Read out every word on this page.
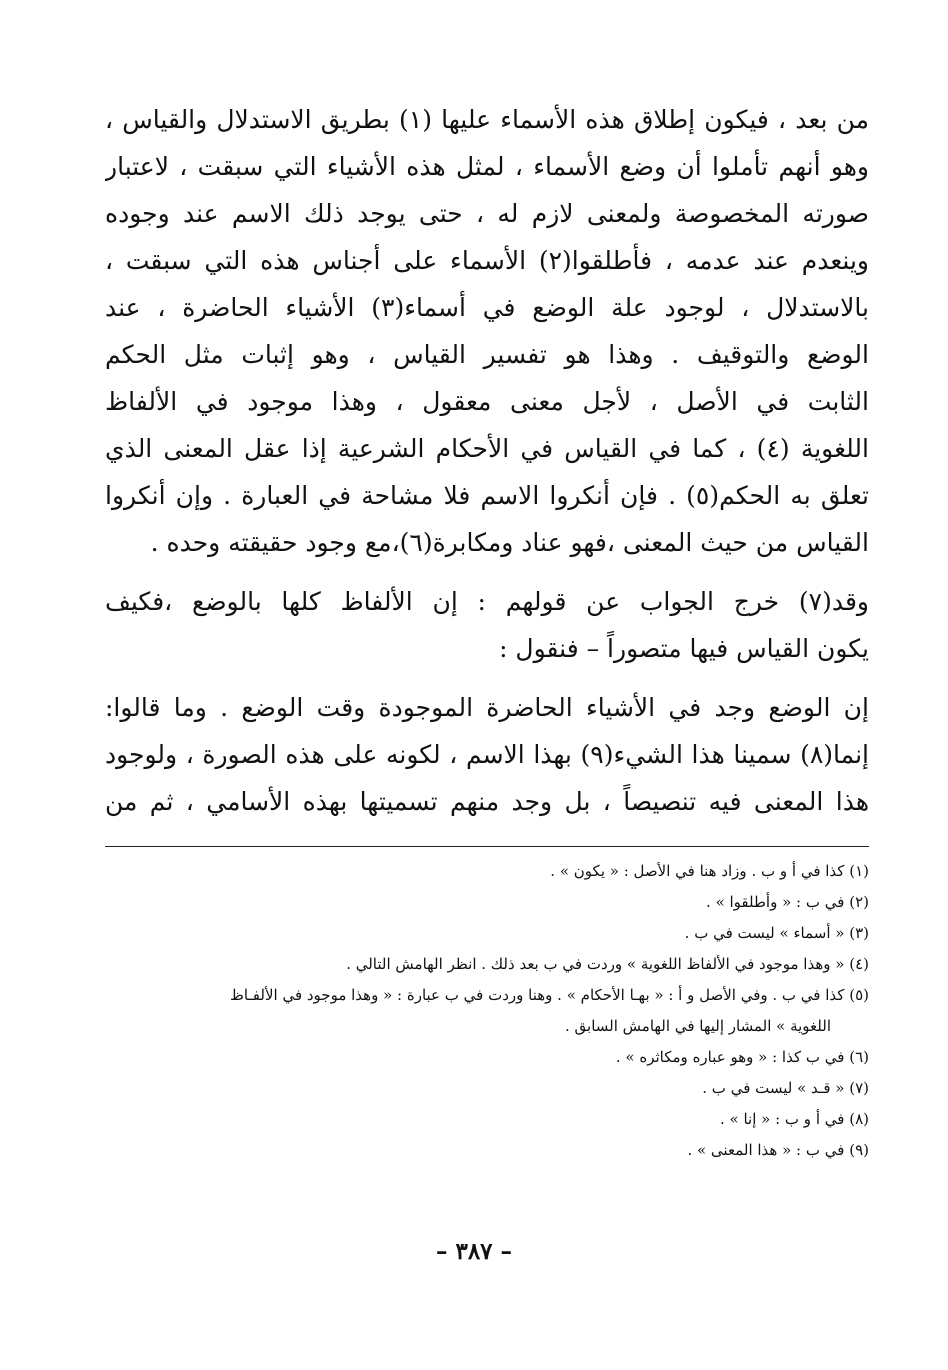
من بعد ، فيكون إطلاق هذه الأسماء عليها (١) بطريق الاستدلال والقياس ،
وهو أنهم تأملوا أن وضع الأسماء ، لمثل هذه الأشياء التي سبقت ، لاعتبار
صورته المخصوصة ولمعنى لازم له ، حتى يوجد ذلك الاسم عند وجوده
وينعدم عند عدمه ، فأطلقوا(٢) الأسماء على أجناس هذه التي سبقت ،
بالاستدلال ، لوجود علة الوضع في أسماء(٣) الأشياء الحاضرة ، عند
الوضع والتوقيف . وهذا هو تفسير القياس ، وهو إثبات مثل الحكم
الثابت في الأصل ، لأجل معنى معقول ، وهذا موجود في الألفاظ
اللغوية (٤) ، كما في القياس في الأحكام الشرعية إذا عقل المعنى الذي
تعلق به الحكم(٥) . فإن أنكروا الاسم فلا مشاحة في العبارة . وإن أنكروا
القياس من حيث المعنى ،فهو عناد ومكابرة(٦)،مع وجود حقيقته وحده .
وقد(٧) خرج الجواب عن قولهم : إن الألفاظ كلها بالوضع ،فكيف
يكون القياس فيها متصوراً – فنقول :
إن الوضع وجد في الأشياء الحاضرة الموجودة وقت الوضع . وما قالوا:
إنما(٨) سمينا هذا الشيء(٩) بهذا الاسم ، لكونه على هذه الصورة ، ولوجود
هذا المعنى فيه تنصيصاً ، بل وجد منهم تسميتها بهذه الأسامي ، ثم من
(١) كذا في أ و ب . وزاد هنا في الأصل : « يكون » .
(٢) في ب : « وأطلقوا » .
(٣) « أسماء » ليست في ب .
(٤) « وهذا موجود في الألفاظ اللغوية » وردت في ب بعد ذلك . انظر الهامش التالي .
(٥) كذا في ب . وفي الأصل و أ : « بهـا الأحكام » . وهنا وردت في ب عبارة : « وهذا موجود في الألفـاظ
اللغوية » المشار إليها في الهامش السابق .
(٦) في ب كذا : « وهو عباره ومكاثره » .
(٧) « قـد » ليست في ب .
(٨) في أ و ب : « إنا » .
(٩) في ب : « هذا المعنى » .
– ٣٨٧ –
